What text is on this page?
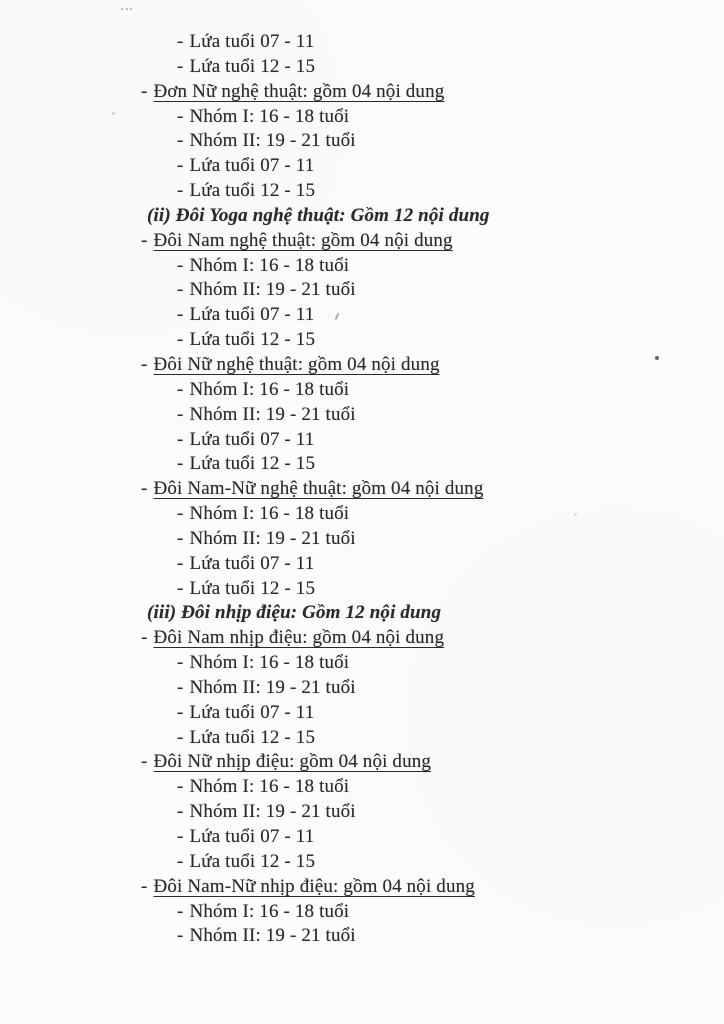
- Lứa tuổi 07 - 11
- Lứa tuổi 12 - 15
- Đơn Nữ nghệ thuật: gồm 04 nội dung
- Nhóm I: 16 - 18 tuổi
- Nhóm II: 19 - 21 tuổi
- Lứa tuổi 07 - 11
- Lứa tuổi 12 - 15
(ii) Đôi Yoga nghệ thuật: Gồm 12 nội dung
- Đôi Nam nghệ thuật: gồm 04 nội dung
- Nhóm I: 16 - 18 tuổi
- Nhóm II: 19 - 21 tuổi
- Lứa tuổi 07 - 11
- Lứa tuổi 12 - 15
- Đôi Nữ nghệ thuật: gồm 04 nội dung
- Nhóm I: 16 - 18 tuổi
- Nhóm II: 19 - 21 tuổi
- Lứa tuổi 07 - 11
- Lứa tuổi 12 - 15
- Đôi Nam-Nữ nghệ thuật: gồm 04 nội dung
- Nhóm I: 16 - 18 tuổi
- Nhóm II: 19 - 21 tuổi
- Lứa tuổi 07 - 11
- Lứa tuổi 12 - 15
(iii) Đôi nhịp điệu: Gồm 12 nội dung
- Đôi Nam nhịp điệu: gồm 04 nội dung
- Nhóm I: 16 - 18 tuổi
- Nhóm II: 19 - 21 tuổi
- Lứa tuổi 07 - 11
- Lứa tuổi 12 - 15
- Đôi Nữ nhịp điệu: gồm 04 nội dung
- Nhóm I: 16 - 18 tuổi
- Nhóm II: 19 - 21 tuổi
- Lứa tuổi 07 - 11
- Lứa tuổi 12 - 15
- Đôi Nam-Nữ nhịp điệu: gồm 04 nội dung
- Nhóm I: 16 - 18 tuổi
- Nhóm II: 19 - 21 tuổi
